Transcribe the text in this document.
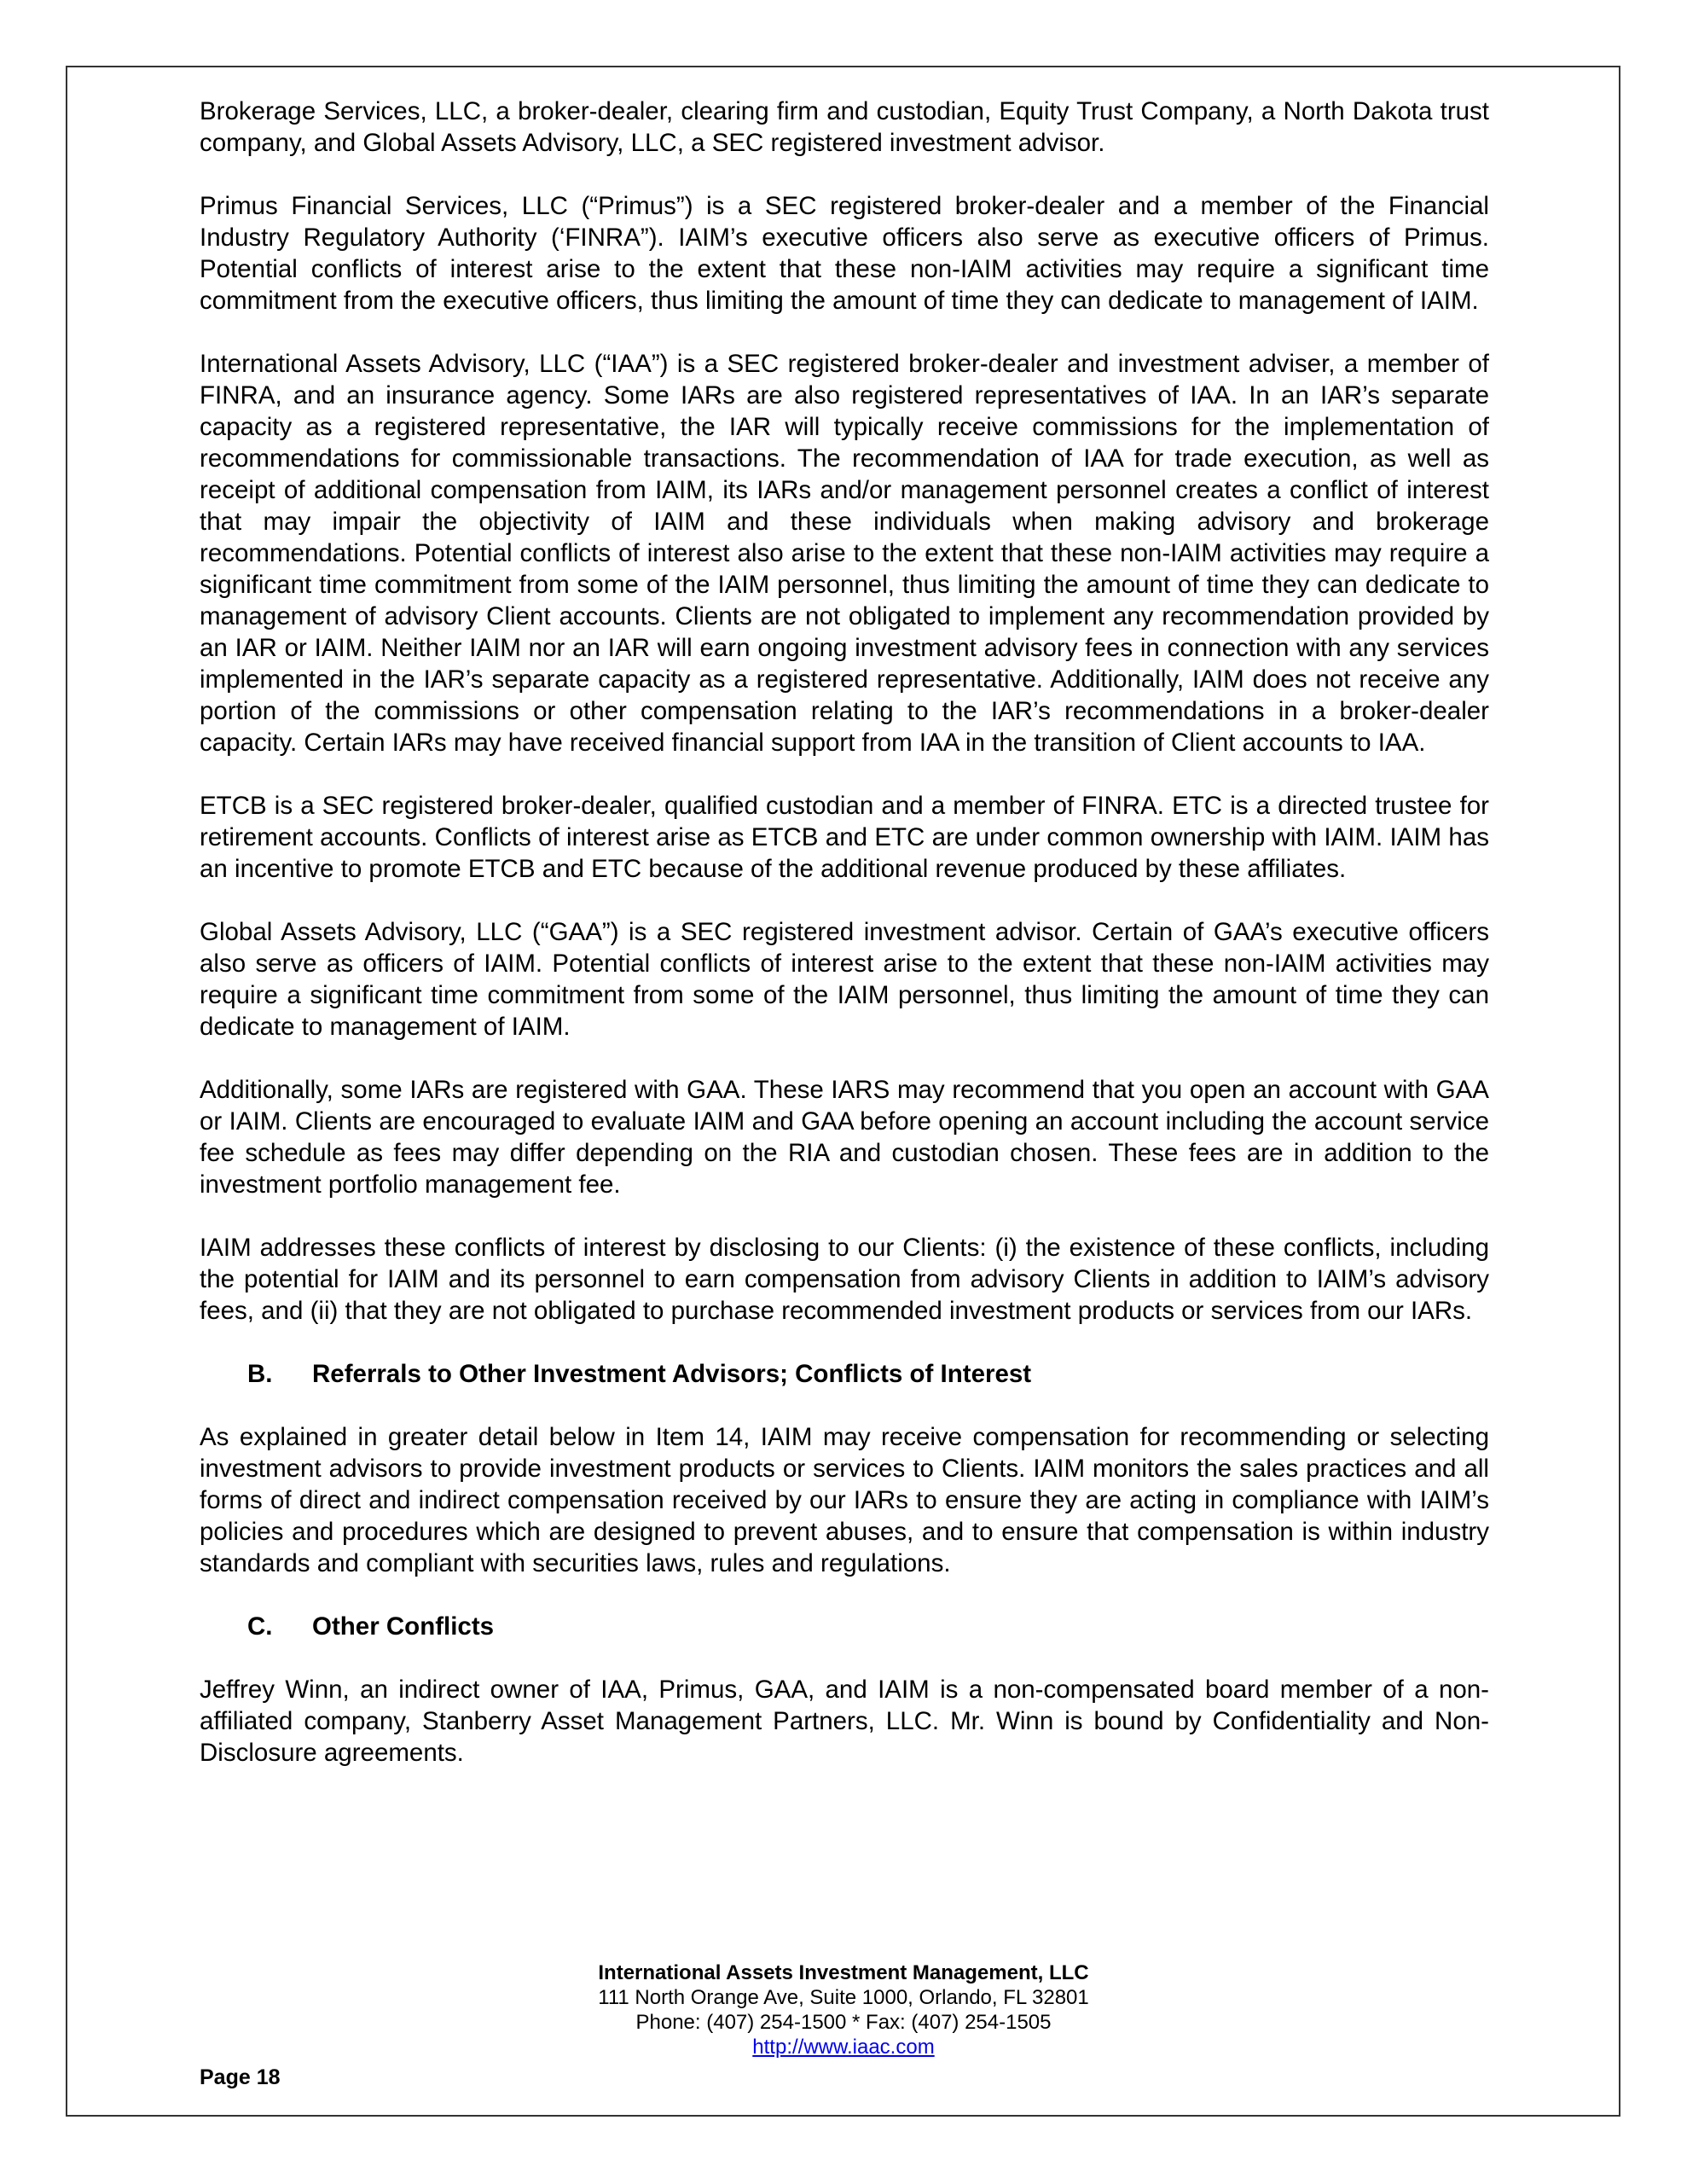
Brokerage Services, LLC, a broker-dealer, clearing firm and custodian, Equity Trust Company, a North Dakota trust company, and Global Assets Advisory, LLC, a SEC registered investment advisor.

Primus Financial Services, LLC (“Primus”) is a SEC registered broker-dealer and a member of the Financial Industry Regulatory Authority (‘FINRA”). IAIM’s executive officers also serve as executive officers of Primus. Potential conflicts of interest arise to the extent that these non-IAIM activities may require a significant time commitment from the executive officers, thus limiting the amount of time they can dedicate to management of IAIM.

International Assets Advisory, LLC (“IAA”) is a SEC registered broker-dealer and investment adviser, a member of FINRA, and an insurance agency. Some IARs are also registered representatives of IAA. In an IAR’s separate capacity as a registered representative, the IAR will typically receive commissions for the implementation of recommendations for commissionable transactions. The recommendation of IAA for trade execution, as well as receipt of additional compensation from IAIM, its IARs and/or management personnel creates a conflict of interest that may impair the objectivity of IAIM and these individuals when making advisory and brokerage recommendations. Potential conflicts of interest also arise to the extent that these non-IAIM activities may require a significant time commitment from some of the IAIM personnel, thus limiting the amount of time they can dedicate to management of advisory Client accounts. Clients are not obligated to implement any recommendation provided by an IAR or IAIM. Neither IAIM nor an IAR will earn ongoing investment advisory fees in connection with any services implemented in the IAR’s separate capacity as a registered representative. Additionally, IAIM does not receive any portion of the commissions or other compensation relating to the IAR’s recommendations in a broker-dealer capacity. Certain IARs may have received financial support from IAA in the transition of Client accounts to IAA.

ETCB is a SEC registered broker-dealer, qualified custodian and a member of FINRA. ETC is a directed trustee for retirement accounts. Conflicts of interest arise as ETCB and ETC are under common ownership with IAIM. IAIM has an incentive to promote ETCB and ETC because of the additional revenue produced by these affiliates.

Global Assets Advisory, LLC (“GAA”) is a SEC registered investment advisor. Certain of GAA’s executive officers also serve as officers of IAIM. Potential conflicts of interest arise to the extent that these non-IAIM activities may require a significant time commitment from some of the IAIM personnel, thus limiting the amount of time they can dedicate to management of IAIM.

Additionally, some IARs are registered with GAA. These IARS may recommend that you open an account with GAA or IAIM. Clients are encouraged to evaluate IAIM and GAA before opening an account including the account service fee schedule as fees may differ depending on the RIA and custodian chosen. These fees are in addition to the investment portfolio management fee.

IAIM addresses these conflicts of interest by disclosing to our Clients: (i) the existence of these conflicts, including the potential for IAIM and its personnel to earn compensation from advisory Clients in addition to IAIM’s advisory fees, and (ii) that they are not obligated to purchase recommended investment products or services from our IARs.

B.	Referrals to Other Investment Advisors; Conflicts of Interest

As explained in greater detail below in Item 14, IAIM may receive compensation for recommending or selecting investment advisors to provide investment products or services to Clients. IAIM monitors the sales practices and all forms of direct and indirect compensation received by our IARs to ensure they are acting in compliance with IAIM’s policies and procedures which are designed to prevent abuses, and to ensure that compensation is within industry standards and compliant with securities laws, rules and regulations.

C.	Other Conflicts

Jeffrey Winn, an indirect owner of IAA, Primus, GAA, and IAIM is a non-compensated board member of a non-affiliated company, Stanberry Asset Management Partners, LLC. Mr. Winn is bound by Confidentiality and Non-Disclosure agreements.

International Assets Investment Management, LLC
111 North Orange Ave, Suite 1000, Orlando, FL 32801
Phone: (407) 254-1500 * Fax: (407) 254-1505
http://www.iaac.com
Page 18
